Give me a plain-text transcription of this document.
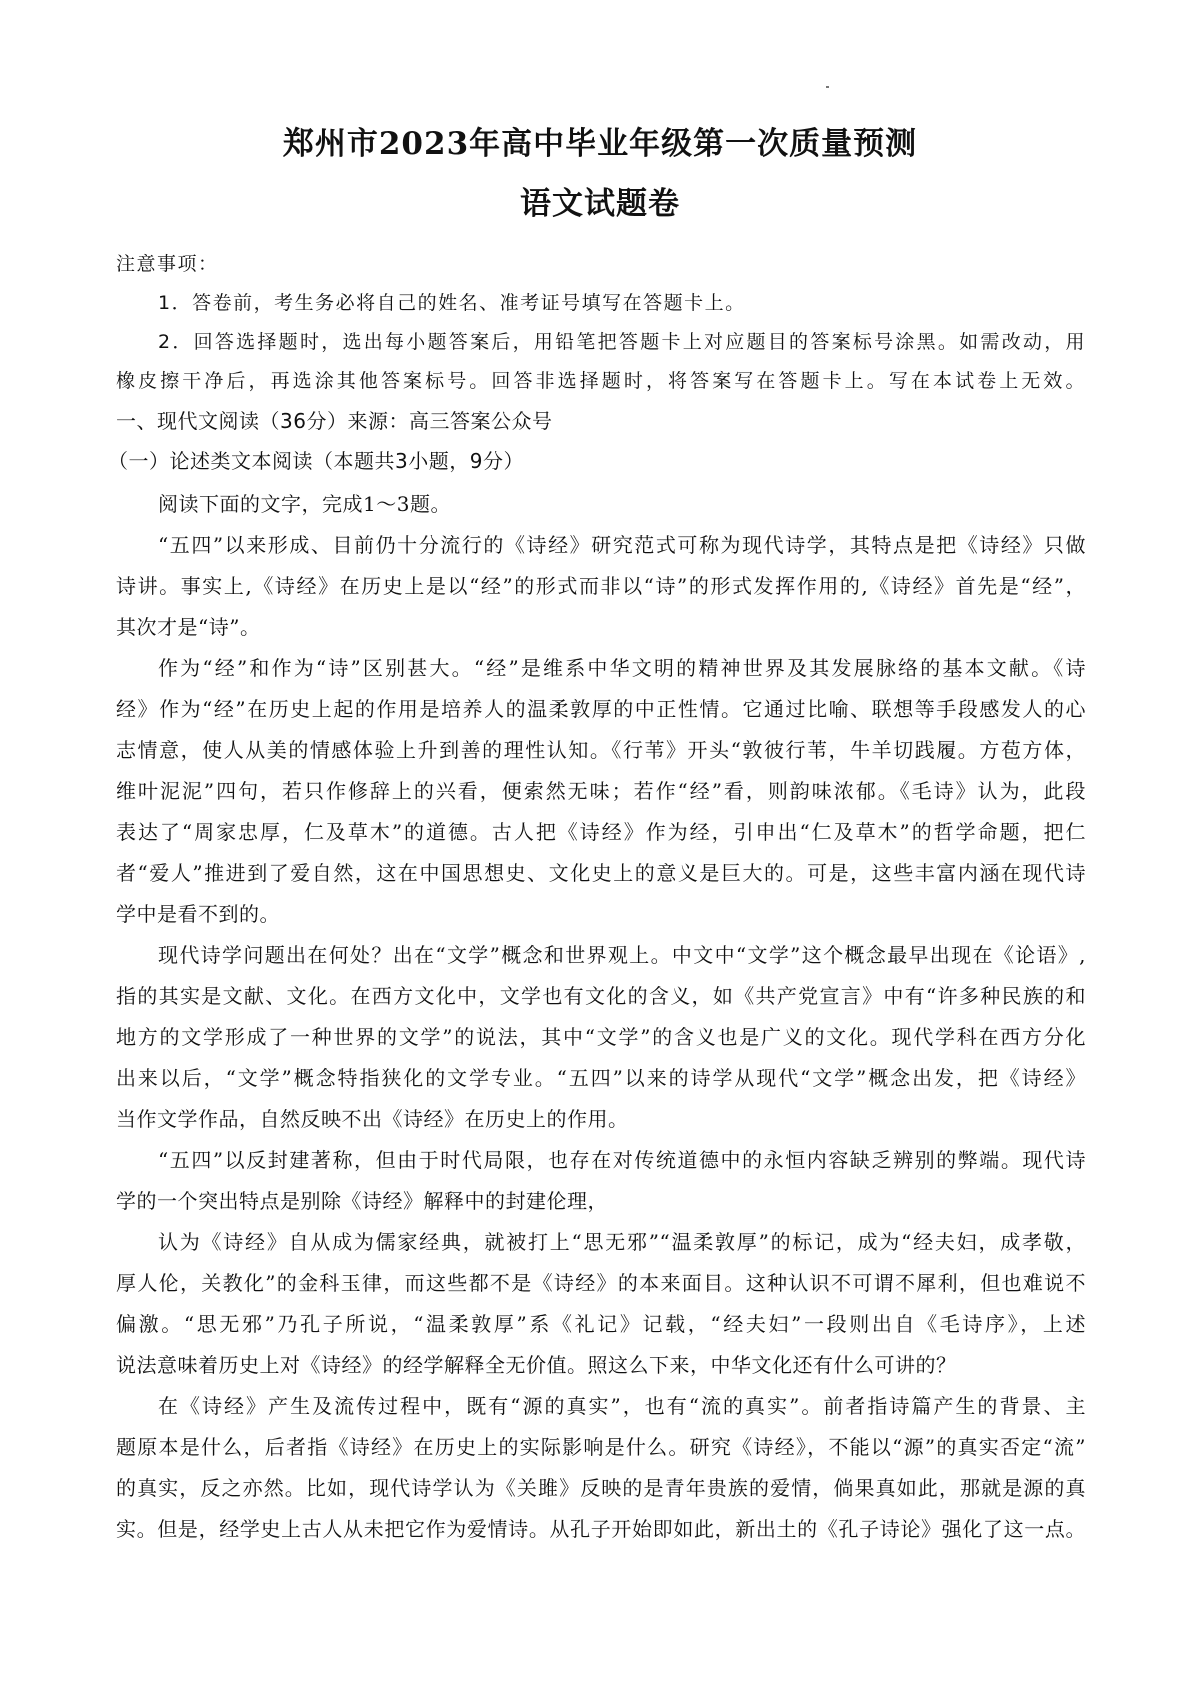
郑州市2023年高中毕业年级第一次质量预测
语文试题卷
注意事项：
1．答卷前，考生务必将自己的姓名、准考证号填写在答题卡上。
2．回答选择题时，选出每小题答案后，用铅笔把答题卡上对应题目的答案标号涂黑。如需改动，用
橡皮擦干净后，再选涂其他答案标号。回答非选择题时，将答案写在答题卡上。写在本试卷上无效。
一、现代文阅读（36分）来源：高三答案公众号
（一）论述类文本阅读（本题共3小题，9分）
阅读下面的文字，完成1～3题。
“五四”以来形成、目前仍十分流行的《诗经》研究范式可称为现代诗学，其特点是把《诗经》只做
诗讲。事实上,《诗经》在历史上是以“经”的形式而非以“诗”的形式发挥作用的,《诗经》首先是“经”，
其次才是“诗”。
作为“经”和作为“诗”区别甚大。“经”是维系中华文明的精神世界及其发展脉络的基本文献。《诗
经》作为“经”在历史上起的作用是培养人的温柔敦厚的中正性情。它通过比喻、联想等手段感发人的心
志情意，使人从美的情感体验上升到善的理性认知。《行苇》开头“敦彼行苇，牛羊切践履。方苞方体，
维叶泥泥”四句，若只作修辞上的兴看，便索然无味；若作“经”看，则韵味浓郁。《毛诗》认为，此段
表达了“周家忠厚，仁及草木”的道德。古人把《诗经》作为经，引申出“仁及草木”的哲学命题，把仁
者“爱人”推进到了爱自然，这在中国思想史、文化史上的意义是巨大的。可是，这些丰富内涵在现代诗
学中是看不到的。
现代诗学问题出在何处？出在“文学”概念和世界观上。中文中“文学”这个概念最早出现在《论语》,
指的其实是文献、文化。在西方文化中，文学也有文化的含义，如《共产党宣言》中有“许多种民族的和
地方的文学形成了一种世界的文学”的说法，其中“文学”的含义也是广义的文化。现代学科在西方分化
出来以后，“文学”概念特指狭化的文学专业。“五四”以来的诗学从现代“文学”概念出发，把《诗经》
当作文学作品，自然反映不出《诗经》在历史上的作用。
“五四”以反封建著称，但由于时代局限，也存在对传统道德中的永恒内容缺乏辨别的弊端。现代诗
学的一个突出特点是别除《诗经》解释中的封建伦理，
认为《诗经》自从成为儒家经典，就被打上“思无邪”“温柔敦厚”的标记，成为“经夫妇，成孝敬，
厚人伦，关教化”的金科玉律，而这些都不是《诗经》的本来面目。这种认识不可谓不犀利，但也难说不
偏激。“思无邪”乃孔子所说，“温柔敦厚”系《礼记》记载，“经夫妇”一段则出自《毛诗序》，上述
说法意味着历史上对《诗经》的经学解释全无价值。照这么下来，中华文化还有什么可讲的？
在《诗经》产生及流传过程中，既有“源的真实”，也有“流的真实”。前者指诗篇产生的背景、主
题原本是什么，后者指《诗经》在历史上的实际影响是什么。研究《诗经》，不能以“源”的真实否定“流”
的真实，反之亦然。比如，现代诗学认为《关雎》反映的是青年贵族的爱情，倘果真如此，那就是源的真
实。但是，经学史上古人从未把它作为爱情诗。从孔子开始即如此，新出土的《孔子诗论》强化了这一点。
